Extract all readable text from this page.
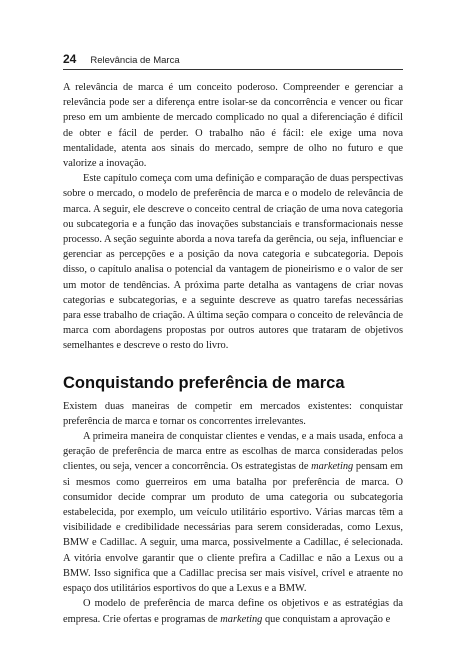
24 Relevância de Marca

A relevância de marca é um conceito poderoso. Compreender e gerenciar a relevância pode ser a diferença entre isolar-se da concorrência e vencer ou ficar preso em um ambiente de mercado complicado no qual a diferenciação é difícil de obter e fácil de perder. O trabalho não é fácil: ele exige uma nova mentalidade, atenta aos sinais do mercado, sempre de olho no futuro e que valorize a inovação.

Este capítulo começa com uma definição e comparação de duas perspectivas sobre o mercado, o modelo de preferência de marca e o modelo de relevância de marca. A seguir, ele descreve o conceito central de criação de uma nova categoria ou subcategoria e a função das inovações substanciais e transformacionais nesse processo. A seção seguinte aborda a nova tarefa da gerência, ou seja, influenciar e gerenciar as percepções e a posição da nova categoria e subcategoria. Depois disso, o capítulo analisa o potencial da vantagem de pioneirismo e o valor de ser um motor de tendências. A próxima parte detalha as vantagens de criar novas categorias e subcategorias, e a seguinte descreve as quatro tarefas necessárias para esse trabalho de criação. A última seção compara o conceito de relevância de marca com abordagens propostas por outros autores que trataram de objetivos semelhantes e descreve o resto do livro.

Conquistando preferência de marca

Existem duas maneiras de competir em mercados existentes: conquistar preferência de marca e tornar os concorrentes irrelevantes.

A primeira maneira de conquistar clientes e vendas, e a mais usada, enfoca a geração de preferência de marca entre as escolhas de marca consideradas pelos clientes, ou seja, vencer a concorrência. Os estrategistas de marketing pensam em si mesmos como guerreiros em uma batalha por preferência de marca. O consumidor decide comprar um produto de uma categoria ou subcategoria estabelecida, por exemplo, um veículo utilitário esportivo. Várias marcas têm a visibilidade e credibilidade necessárias para serem consideradas, como Lexus, BMW e Cadillac. A seguir, uma marca, possivelmente a Cadillac, é selecionada. A vitória envolve garantir que o cliente prefira a Cadillac e não a Lexus ou a BMW. Isso significa que a Cadillac precisa ser mais visível, crível e atraente no espaço dos utilitários esportivos do que a Lexus e a BMW.

O modelo de preferência de marca define os objetivos e as estratégias da empresa. Crie ofertas e programas de marketing que conquistam a aprovação e
